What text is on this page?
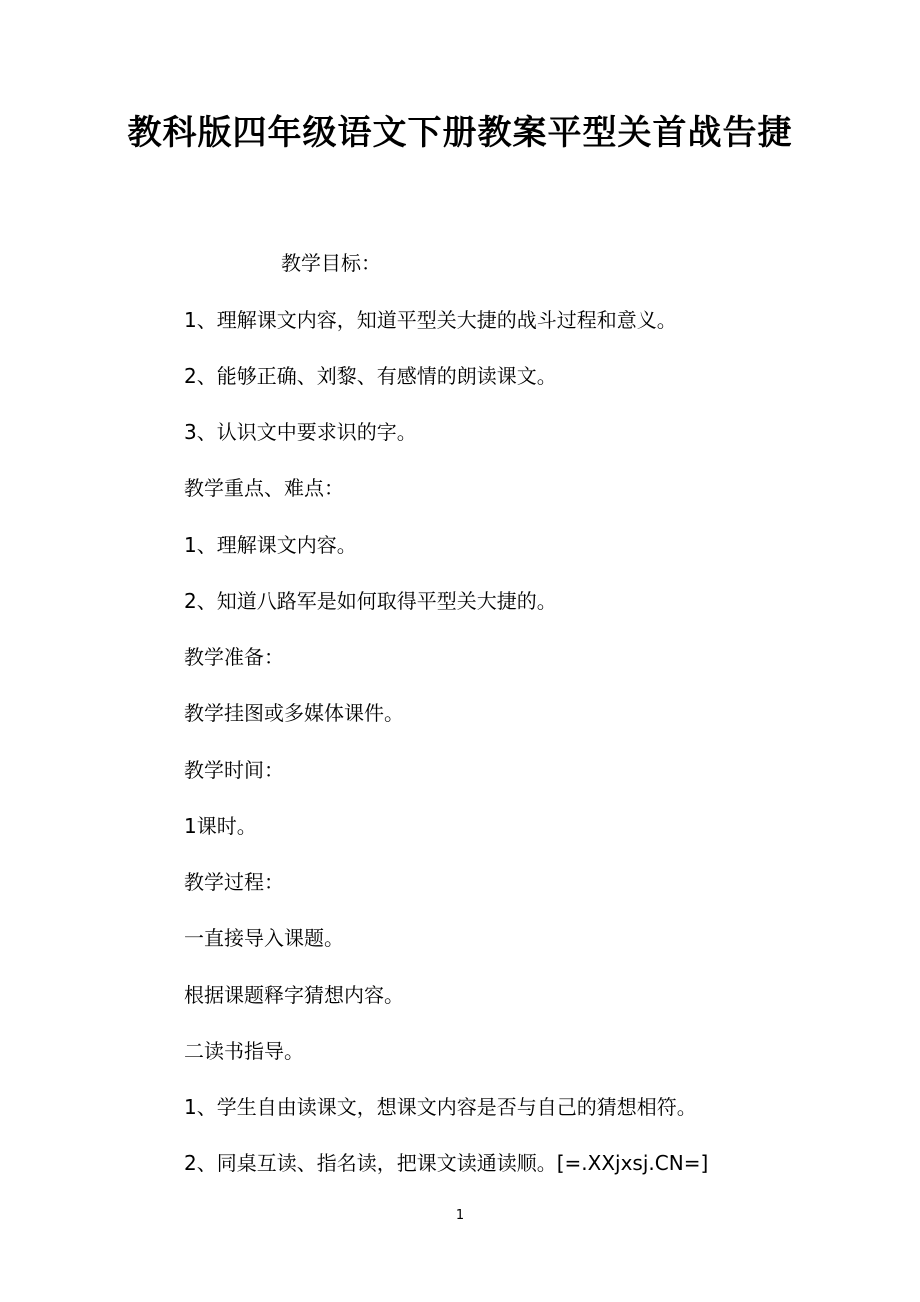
教科版四年级语文下册教案平型关首战告捷

教学目标：

1、理解课文内容，知道平型关大捷的战斗过程和意义。

2、能够正确、刘黎、有感情的朗读课文。

3、认识文中要求识的字。

教学重点、难点：

1、理解课文内容。

2、知道八路军是如何取得平型关大捷的。

教学准备：

教学挂图或多媒体课件。

教学时间：

1课时。

教学过程：

一直接导入课题。

根据课题释字猜想内容。

二读书指导。

1、学生自由读课文，想课文内容是否与自己的猜想相符。

2、同桌互读、指名读，把课文读通读顺。[=.XXjxsj.CN=]

1
